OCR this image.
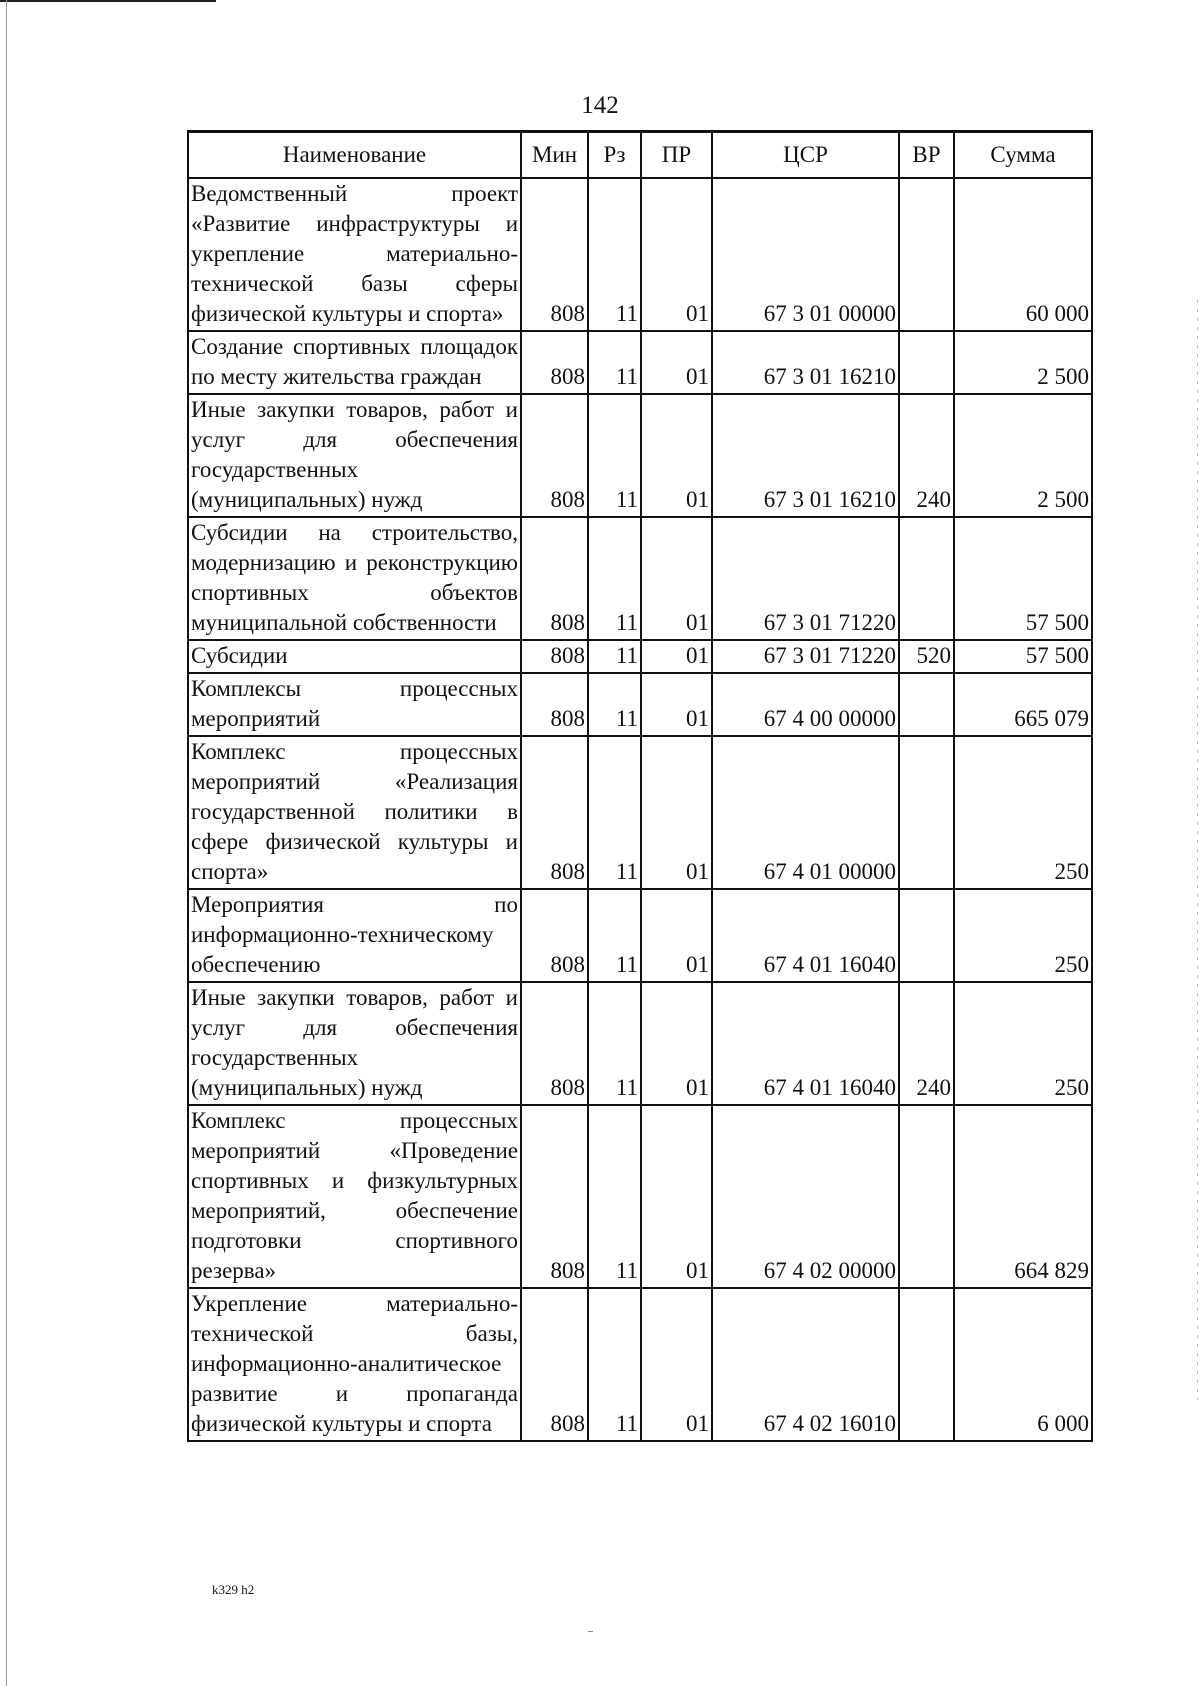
142
Наименование	Мин	Рз	ПР	ЦСР	ВР	Сумма
Ведомственный проект «Развитие инфраструктуры и укрепление материально-технической базы сферы физической культуры и спорта»	808	11	01	67 3 01 00000		60 000
Создание спортивных площадок по месту жительства граждан	808	11	01	67 3 01 16210		2 500
Иные закупки товаров, работ и услуг для обеспечения государственных (муниципальных) нужд	808	11	01	67 3 01 16210	240	2 500
Субсидии на строительство, модернизацию и реконструкцию спортивных объектов муниципальной собственности	808	11	01	67 3 01 71220		57 500
Субсидии	808	11	01	67 3 01 71220	520	57 500
Комплексы процессных мероприятий	808	11	01	67 4 00 00000		665 079
Комплекс процессных мероприятий «Реализация государственной политики в сфере физической культуры и спорта»	808	11	01	67 4 01 00000		250
Мероприятия по информационно-техническому обеспечению	808	11	01	67 4 01 16040		250
Иные закупки товаров, работ и услуг для обеспечения государственных (муниципальных) нужд	808	11	01	67 4 01 16040	240	250
Комплекс процессных мероприятий «Проведение спортивных и физкультурных мероприятий, обеспечение подготовки спортивного резерва»	808	11	01	67 4 02 00000		664 829
Укрепление материально-технической базы, информационно-аналитическое развитие и пропаганда физической культуры и спорта	808	11	01	67 4 02 16010		6 000
k329 h2
